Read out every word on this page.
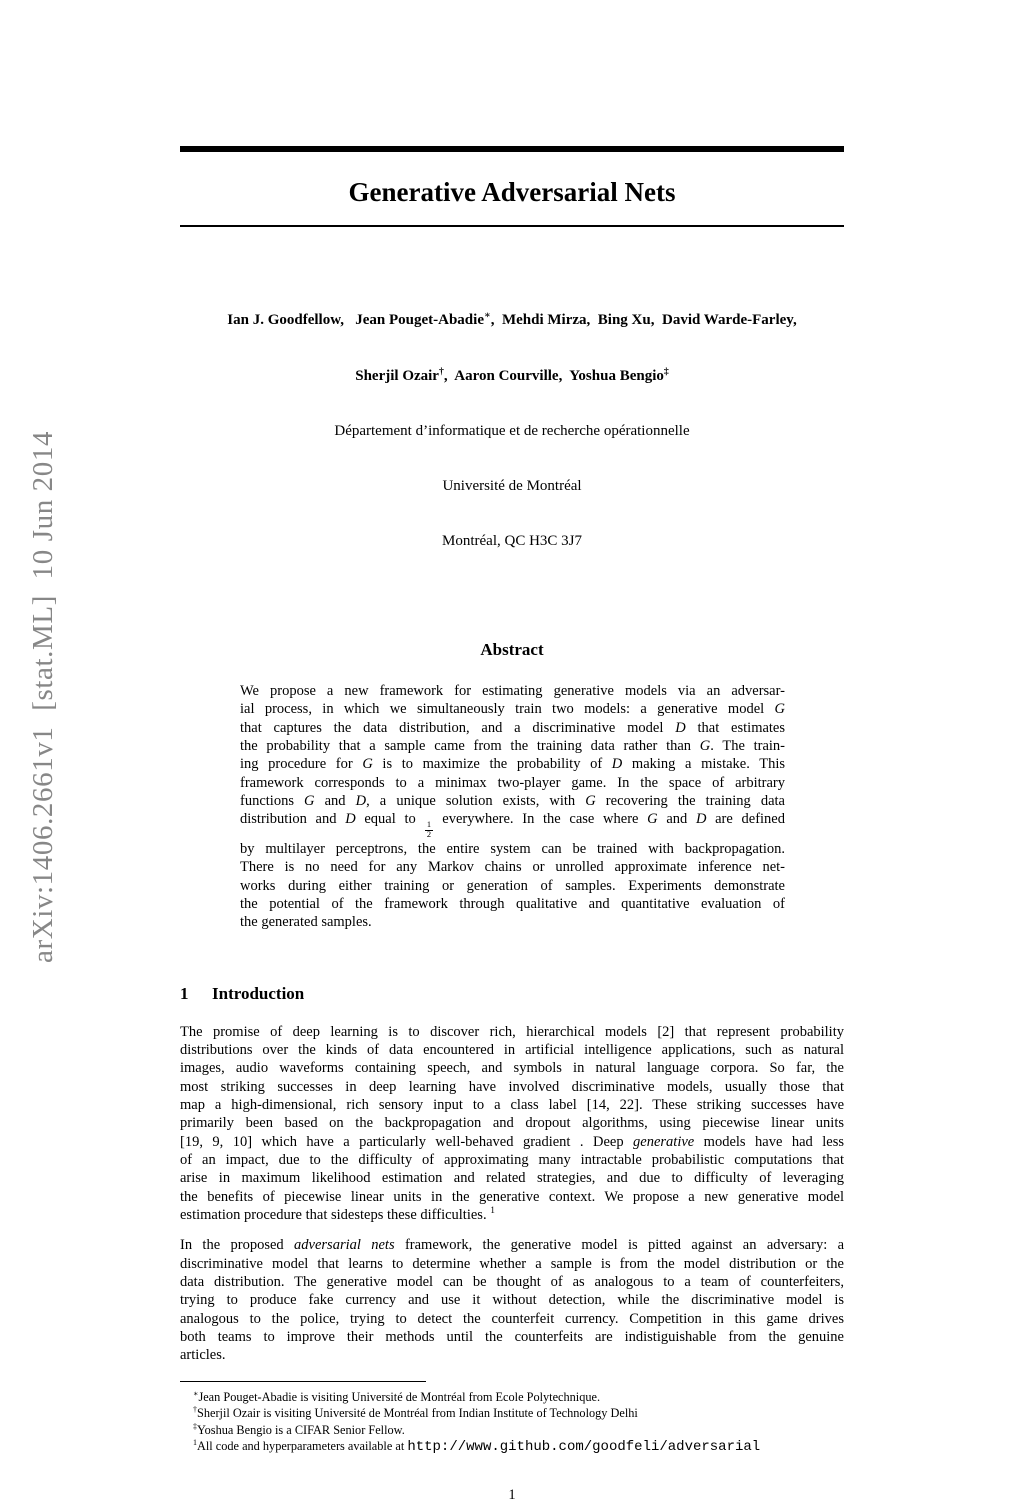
arXiv:1406.2661v1  [stat.ML]  10 Jun 2014
Generative Adversarial Nets

Ian J. Goodfellow,   Jean Pouget-Abadie∗,  Mehdi Mirza,  Bing Xu,  David Warde-Farley,

Sherjil Ozair†,  Aaron Courville,  Yoshua Bengio‡

Département d’informatique et de recherche opérationnelle

Université de Montréal

Montréal, QC H3C 3J7

Abstract
We propose a new framework for estimating generative models via an adversar-
ial process, in which we simultaneously train two models: a generative model G
that captures the data distribution, and a discriminative model D that estimates
the probability that a sample came from the training data rather than G. The train-
ing procedure for G is to maximize the probability of D making a mistake. This
framework corresponds to a minimax two-player game. In the space of arbitrary
functions G and D, a unique solution exists, with G recovering the training data
distribution and D equal to
$\frac{1}{2}$
everywhere. In the case where G and D are defined
by multilayer perceptrons, the entire system can be trained with backpropagation.
There is no need for any Markov chains or unrolled approximate inference net-
works during either training or generation of samples. Experiments demonstrate
the potential of the framework through qualitative and quantitative evaluation of
the generated samples.
1 Introduction
The promise of deep learning is to discover rich, hierarchical models [2] that represent probability
distributions over the kinds of data encountered in artificial intelligence applications, such as natural
images, audio waveforms containing speech, and symbols in natural language corpora. So far, the
most striking successes in deep learning have involved discriminative models, usually those that
map a high-dimensional, rich sensory input to a class label [14, 22]. These striking successes have
primarily been based on the backpropagation and dropout algorithms, using piecewise linear units
[19, 9, 10] which have a particularly well-behaved gradient . Deep generative models have had less
of an impact, due to the difficulty of approximating many intractable probabilistic computations that
arise in maximum likelihood estimation and related strategies, and due to difficulty of leveraging
the benefits of piecewise linear units in the generative context. We propose a new generative model
estimation procedure that sidesteps these difficulties. $^1$
In the proposed adversarial nets framework, the generative model is pitted against an adversary: a
discriminative model that learns to determine whether a sample is from the model distribution or the
data distribution. The generative model can be thought of as analogous to a team of counterfeiters,
trying to produce fake currency and use it without detection, while the discriminative model is
analogous to the police, trying to detect the counterfeit currency. Competition in this game drives
both teams to improve their methods until the counterfeits are indistiguishable from the genuine
articles.
∗Jean Pouget-Abadie is visiting Université de Montréal from Ecole Polytechnique.
†Sherjil Ozair is visiting Université de Montréal from Indian Institute of Technology Delhi
‡Yoshua Bengio is a CIFAR Senior Fellow.
$^1$All code and hyperparameters available at http://www.github.com/goodfeli/adversarial
1
